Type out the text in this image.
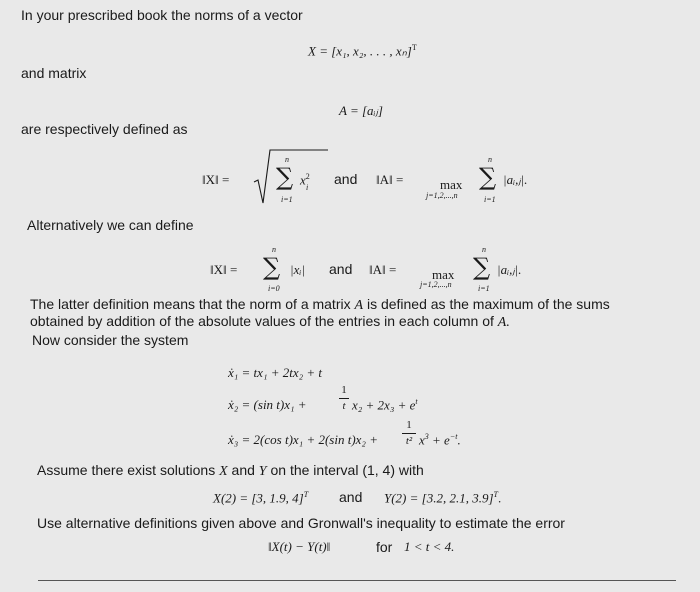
In your prescribed book the norms of a vector
X = [x₁, x₂, . . . , xₙ]$^T$
and matrix
A = [aᵢⱼ]
are respectively defined as
‖X‖ =
n
∑
i=1
$x^2$
i
and ‖A‖ =	max
j=1,2,...,n
n
∑
i=1
|aᵢ,ⱼ|.
Alternatively we can define
‖X‖ =
n
∑
i=0
|xᵢ| and ‖A‖ =	max
j=1,2,...,n
n
∑
i=1
|aᵢ,ⱼ|.
The latter definition means that the norm of a matrix A is defined as the maximum of the sums
obtained by addition of the absolute values of the entries in each column of A.
Now consider the system
ẋ₁ = tx₁ + 2tx₂ + t
ẋ₂ = (sin t)x₁ +
1
t $x_2 + 2x_3 + e^t$
ẋ₃ = 2(cos t)x₁ + 2(sin t)x₂ +
1
t² $x^3 + e^{-t}$.
Assume there exist solutions X and Y on the interval (1, 4) with
X(2) = [3, 1.9, 4]$^T$ and Y(2) = [3.2, 2.1, 3.9]$^T$.
Use alternative definitions given above and Gronwall's inequality to estimate the error
‖X(t) − Y(t)‖	for 1 < t < 4.
